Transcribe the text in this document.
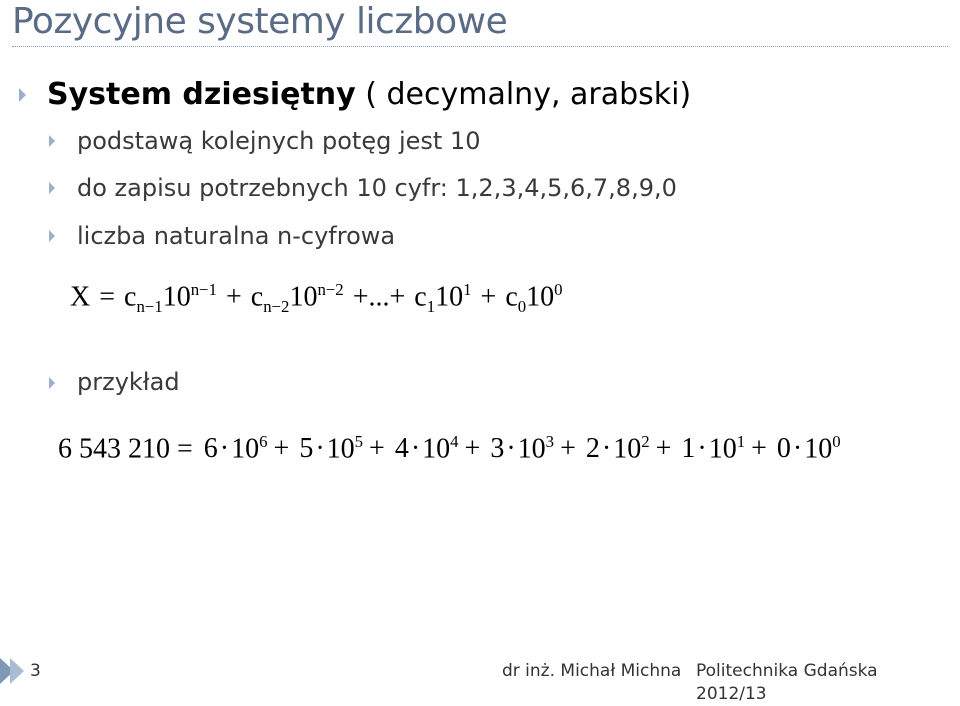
Pozycyjne systemy liczbowe
System dziesiętny ( decymalny, arabski)
podstawą kolejnych potęg jest 10
do zapisu potrzebnych 10 cyfr: 1,2,3,4,5,6,7,8,9,0
liczba naturalna n-cyfrowa
$X = c_{n-1}10^{n-1} + c_{n-2}10^{n-2}$ +...+ $c_110^1 + c_010^0$
przykład
6 543 $210 = 6\cdot 10^6 + 5\cdot 10^5 + 4\cdot 10^4 + 3\cdot 10^3 + 2\cdot 10^2 + 1\cdot 10^1 + 0\cdot 10^0$
3	dr inż. Michał Michna Politechnika Gdańska
2012/13
